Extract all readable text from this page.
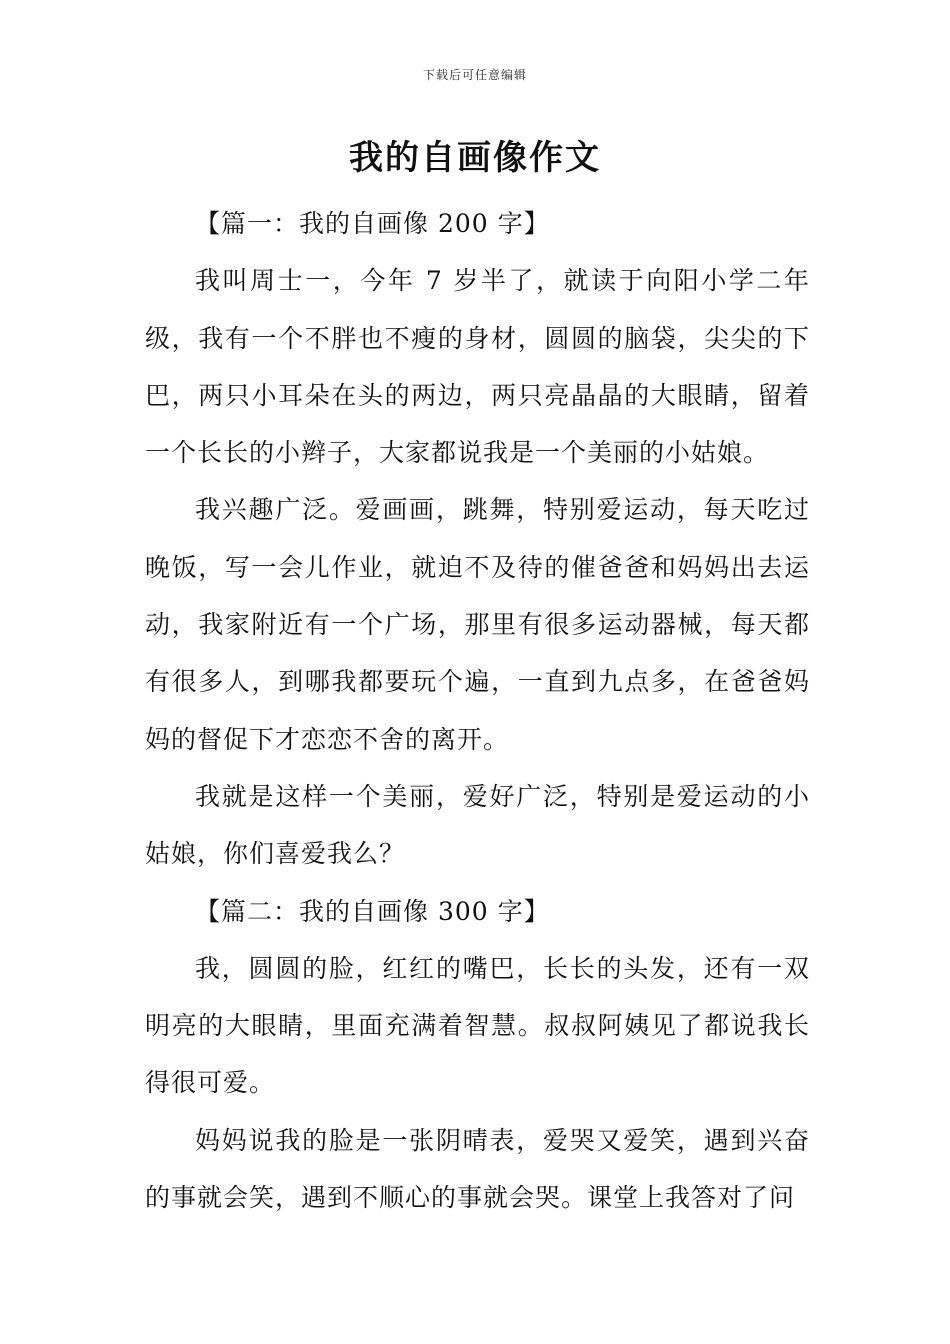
下载后可任意编辑
我的自画像作文

【篇一：我的自画像 200 字】

我叫周士一，今年 7 岁半了，就读于向阳小学二年级，我有一个不胖也不瘦的身材，圆圆的脑袋，尖尖的下巴，两只小耳朵在头的两边，两只亮晶晶的大眼睛，留着一个长长的小辫子，大家都说我是一个美丽的小姑娘。

我兴趣广泛。爱画画，跳舞，特别爱运动，每天吃过晚饭，写一会儿作业，就迫不及待的催爸爸和妈妈出去运动，我家附近有一个广场，那里有很多运动器械，每天都有很多人，到哪我都要玩个遍，一直到九点多，在爸爸妈妈的督促下才恋恋不舍的离开。

我就是这样一个美丽，爱好广泛，特别是爱运动的小姑娘，你们喜爱我么？

【篇二：我的自画像 300 字】

我，圆圆的脸，红红的嘴巴，长长的头发，还有一双明亮的大眼睛，里面充满着智慧。叔叔阿姨见了都说我长得很可爱。

妈妈说我的脸是一张阴晴表，爱哭又爱笑，遇到兴奋的事就会笑，遇到不顺心的事就会哭。课堂上我答对了问
